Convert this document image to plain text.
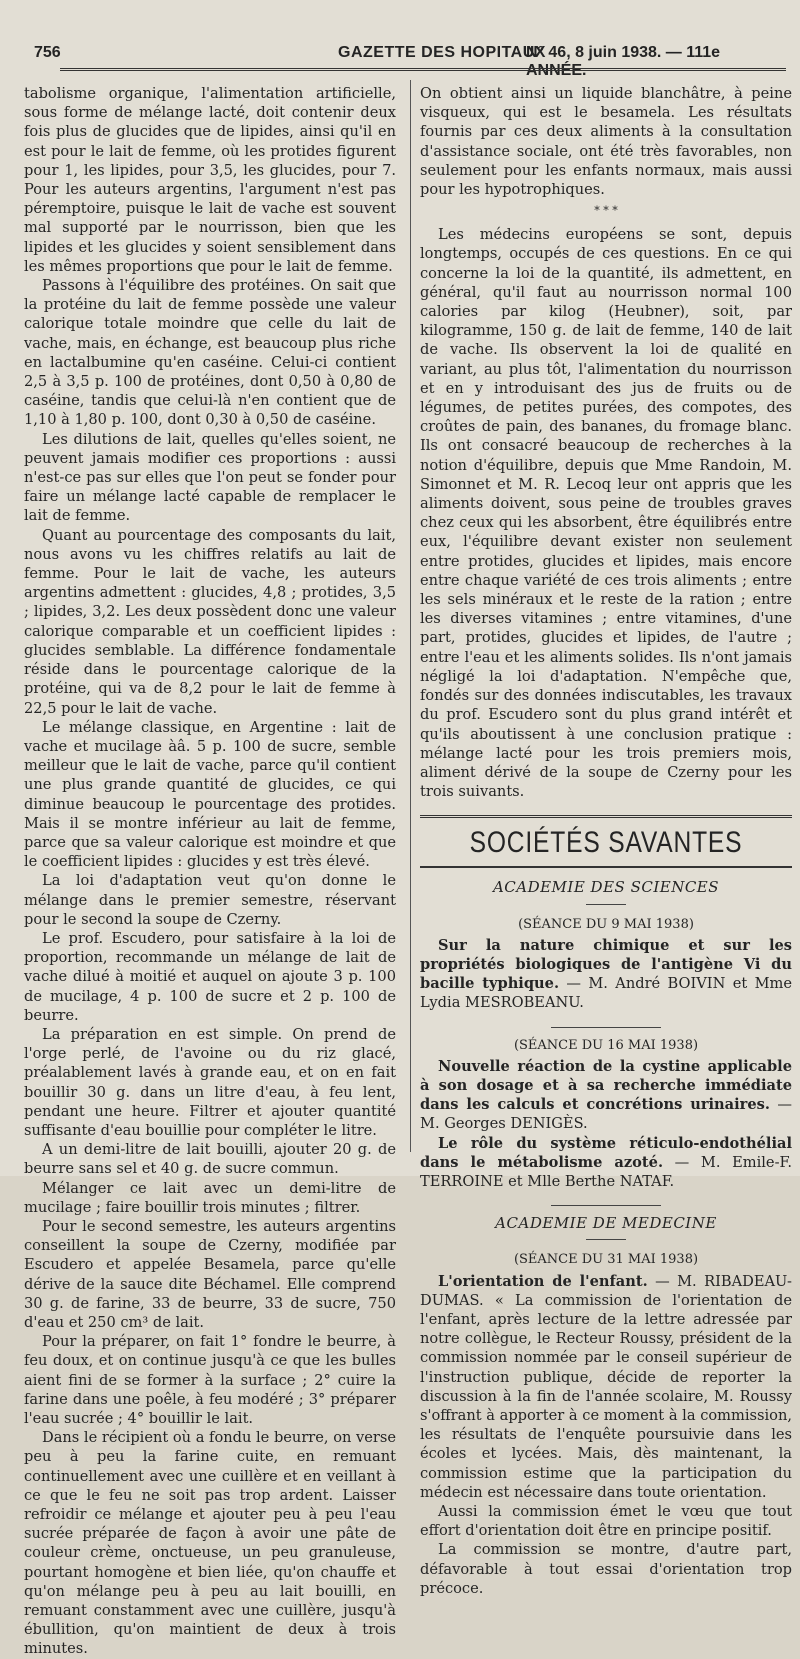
756	GAZETTE DES HOPITAUX
N° 46, 8 juin 1938. — 111e ANNÉE.

tabolisme organique, l'alimentation artificielle, sous forme de mélange lacté, doit contenir deux fois plus de glucides que de lipides, ainsi qu'il en est pour le lait de femme, où les protides figurent pour 1, les lipides, pour 3,5, les glucides, pour 7. Pour les auteurs argentins, l'argument n'est pas péremptoire, puisque le lait de vache est souvent mal supporté par le nourrisson, bien que les lipides et les glucides y soient sensiblement dans les mêmes proportions que pour le lait de femme.

Passons à l'équilibre des protéines. On sait que la protéine du lait de femme possède une valeur calorique totale moindre que celle du lait de vache, mais, en échange, est beaucoup plus riche en lactalbumine qu'en caséine. Celui-ci contient 2,5 à 3,5 p. 100 de protéines, dont 0,50 à 0,80 de caséine, tandis que celui-là n'en contient que de 1,10 à 1,80 p. 100, dont 0,30 à 0,50 de caséine.

Les dilutions de lait, quelles qu'elles soient, ne peuvent jamais modifier ces proportions : aussi n'est-ce pas sur elles que l'on peut se fonder pour faire un mélange lacté capable de remplacer le lait de femme.

Quant au pourcentage des composants du lait, nous avons vu les chiffres relatifs au lait de femme. Pour le lait de vache, les auteurs argentins admettent : glucides, 4,8 ; protides, 3,5 ; lipides, 3,2. Les deux possèdent donc une valeur calorique comparable et un coefficient lipides : glucides semblable. La différence fondamentale réside dans le pourcentage calorique de la protéine, qui va de 8,2 pour le lait de femme à 22,5 pour le lait de vache.

Le mélange classique, en Argentine : lait de vache et mucilage àâ. 5 p. 100 de sucre, semble meilleur que le lait de vache, parce qu'il contient une plus grande quantité de glucides, ce qui diminue beaucoup le pourcentage des protides. Mais il se montre inférieur au lait de femme, parce que sa valeur calorique est moindre et que le coefficient lipides : glucides y est très élevé.

La loi d'adaptation veut qu'on donne le mélange dans le premier semestre, réservant pour le second la soupe de Czerny.

Le prof. Escudero, pour satisfaire à la loi de proportion, recommande un mélange de lait de vache dilué à moitié et auquel on ajoute 3 p. 100 de mucilage, 4 p. 100 de sucre et 2 p. 100 de beurre.

La préparation en est simple. On prend de l'orge perlé, de l'avoine ou du riz glacé, préalablement lavés à grande eau, et on en fait bouillir 30 g. dans un litre d'eau, à feu lent, pendant une heure. Filtrer et ajouter quantité suffisante d'eau bouillie pour compléter le litre.

A un demi-litre de lait bouilli, ajouter 20 g. de beurre sans sel et 40 g. de sucre commun.

Mélanger ce lait avec un demi-litre de mucilage ; faire bouillir trois minutes ; filtrer.

Pour le second semestre, les auteurs argentins conseillent la soupe de Czerny, modifiée par Escudero et appelée Besamela, parce qu'elle dérive de la sauce dite Béchamel. Elle comprend 30 g. de farine, 33 de beurre, 33 de sucre, 750 d'eau et 250 cm³ de lait.

Pour la préparer, on fait 1° fondre le beurre, à feu doux, et on continue jusqu'à ce que les bulles aient fini de se former à la surface ; 2° cuire la farine dans une poêle, à feu modéré ; 3° préparer l'eau sucrée ; 4° bouillir le lait.

Dans le récipient où a fondu le beurre, on verse peu à peu la farine cuite, en remuant continuellement avec une cuillère et en veillant à ce que le feu ne soit pas trop ardent. Laisser refroidir ce mélange et ajouter peu à peu l'eau sucrée préparée de façon à avoir une pâte de couleur crème, onctueuse, un peu granuleuse, pourtant homogène et bien liée, qu'on chauffe et qu'on mélange peu à peu au lait bouilli, en remuant constamment avec une cuillère, jusqu'à ébullition, qu'on maintient de deux à trois minutes.

On obtient ainsi un liquide blanchâtre, à peine visqueux, qui est le besamela. Les résultats fournis par ces deux aliments à la consultation d'assistance sociale, ont été très favorables, non seulement pour les enfants normaux, mais aussi pour les hypotrophiques.

* * *

Les médecins européens se sont, depuis longtemps, occupés de ces questions. En ce qui concerne la loi de la quantité, ils admettent, en général, qu'il faut au nourrisson normal 100 calories par kilog (Heubner), soit, par kilogramme, 150 g. de lait de femme, 140 de lait de vache. Ils observent la loi de qualité en variant, au plus tôt, l'alimentation du nourrisson et en y introduisant des jus de fruits ou de légumes, de petites purées, des compotes, des croûtes de pain, des bananes, du fromage blanc. Ils ont consacré beaucoup de recherches à la notion d'équilibre, depuis que Mme Randoin, M. Simonnet et M. R. Lecoq leur ont appris que les aliments doivent, sous peine de troubles graves chez ceux qui les absorbent, être équilibrés entre eux, l'équilibre devant exister non seulement entre protides, glucides et lipides, mais encore entre chaque variété de ces trois aliments ; entre les sels minéraux et le reste de la ration ; entre les diverses vitamines ; entre vitamines, d'une part, protides, glucides et lipides, de l'autre ; entre l'eau et les aliments solides. Ils n'ont jamais négligé la loi d'adaptation. N'empêche que, fondés sur des données indiscutables, les travaux du prof. Escudero sont du plus grand intérêt et qu'ils aboutissent à une conclusion pratique : mélange lacté pour les trois premiers mois, aliment dérivé de la soupe de Czerny pour les trois suivants.

SOCIÉTÉS SAVANTES
ACADEMIE DES SCIENCES
(SÉANCE DU 9 MAI 1938)

Sur la nature chimique et sur les propriétés biologiques de l'antigène Vi du bacille typhique. — M. André BOIVIN et Mme Lydia MESROBEANU.

(SÉANCE DU 16 MAI 1938)

Nouvelle réaction de la cystine applicable à son dosage et à sa recherche immédiate dans les calculs et concrétions urinaires. — M. Georges DENIGÈS.

Le rôle du système réticulo-endothélial dans le métabolisme azoté. — M. Emile-F. TERROINE et Mlle Berthe NATAF.

ACADEMIE DE MEDECINE
(SÉANCE DU 31 MAI 1938)

L'orientation de l'enfant. — M. RIBADEAU-DUMAS. « La commission de l'orientation de l'enfant, après lecture de la lettre adressée par notre collègue, le Recteur Roussy, président de la commission nommée par le conseil supérieur de l'instruction publique, décide de reporter la discussion à la fin de l'année scolaire, M. Roussy s'offrant à apporter à ce moment à la commission, les résultats de l'enquête poursuivie dans les écoles et lycées. Mais, dès maintenant, la commission estime que la participation du médecin est nécessaire dans toute orientation.

Aussi la commission émet le vœu que tout effort d'orientation doit être en principe positif.

La commission se montre, d'autre part, défavorable à tout essai d'orientation trop précoce.
